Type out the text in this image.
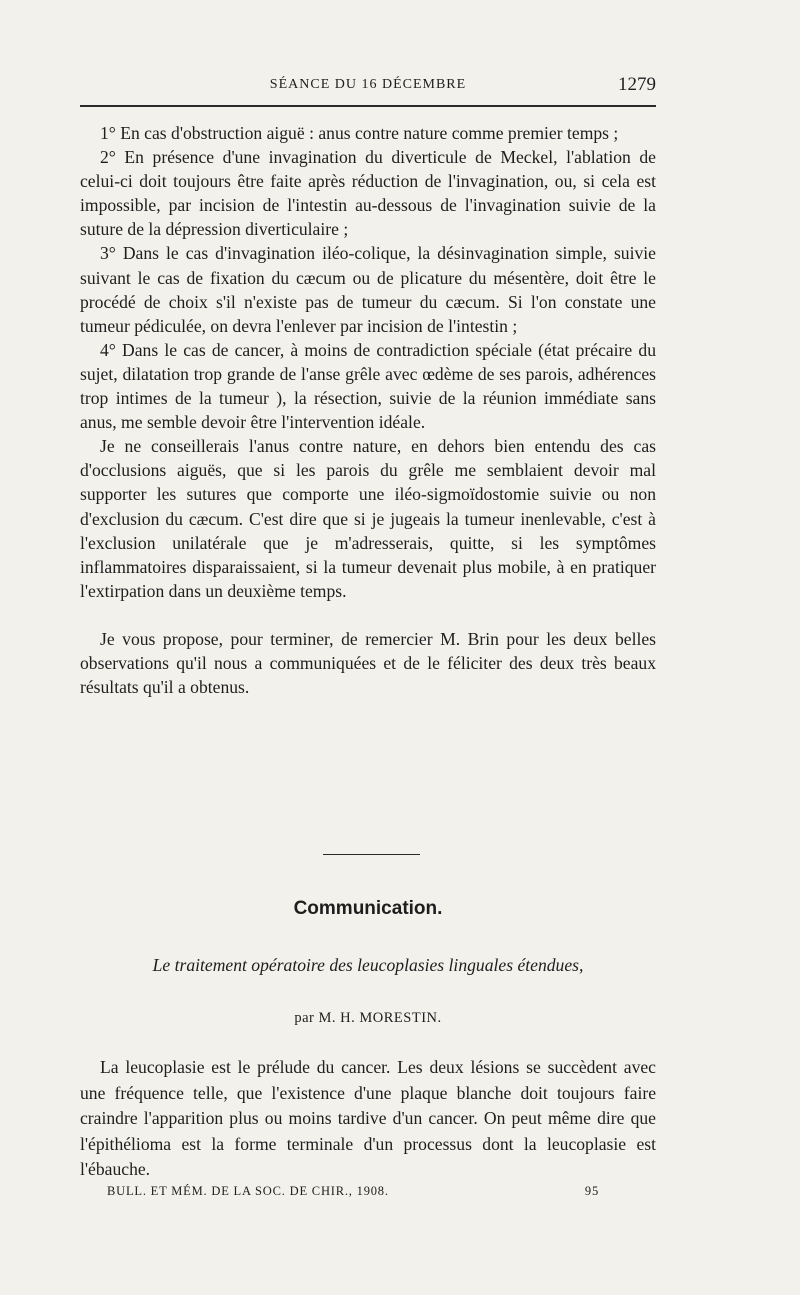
SÉANCE DU 16 DÉCEMBRE	1279

1° En cas d'obstruction aiguë : anus contre nature comme premier temps ;

2° En présence d'une invagination du diverticule de Meckel, l'ablation de celui-ci doit toujours être faite après réduction de l'invagination, ou, si cela est impossible, par incision de l'intestin au-dessous de l'invagination suivie de la suture de la dépression diverticulaire ;

3° Dans le cas d'invagination iléo-colique, la désinvagination simple, suivie suivant le cas de fixation du cæcum ou de plicature du mésentère, doit être le procédé de choix s'il n'existe pas de tumeur du cæcum. Si l'on constate une tumeur pédiculée, on devra l'enlever par incision de l'intestin ;

4° Dans le cas de cancer, à moins de contradiction spéciale (état précaire du sujet, dilatation trop grande de l'anse grêle avec œdème de ses parois, adhérences trop intimes de la tumeur ), la résection, suivie de la réunion immédiate sans anus, me semble devoir être l'intervention idéale.

Je ne conseillerais l'anus contre nature, en dehors bien entendu des cas d'occlusions aiguës, que si les parois du grêle me semblaient devoir mal supporter les sutures que comporte une iléo-sigmoïdostomie suivie ou non d'exclusion du cæcum. C'est dire que si je jugeais la tumeur inenlevable, c'est à l'exclusion unilatérale que je m'adresserais, quitte, si les symptômes inflammatoires disparaissaient, si la tumeur devenait plus mobile, à en pratiquer l'extirpation dans un deuxième temps.

Je vous propose, pour terminer, de remercier M. Brin pour les deux belles observations qu'il nous a communiquées et de le féliciter des deux très beaux résultats qu'il a obtenus.

Communication.
Le traitement opératoire des leucoplasies linguales étendues,
par M. H. MORESTIN.

La leucoplasie est le prélude du cancer. Les deux lésions se succèdent avec une fréquence telle, que l'existence d'une plaque blanche doit toujours faire craindre l'apparition plus ou moins tardive d'un cancer. On peut même dire que l'épithélioma est la forme terminale d'un processus dont la leucoplasie est l'ébauche.

BULL. ET MÉM. DE LA SOC. DE CHIR., 1908.	95
